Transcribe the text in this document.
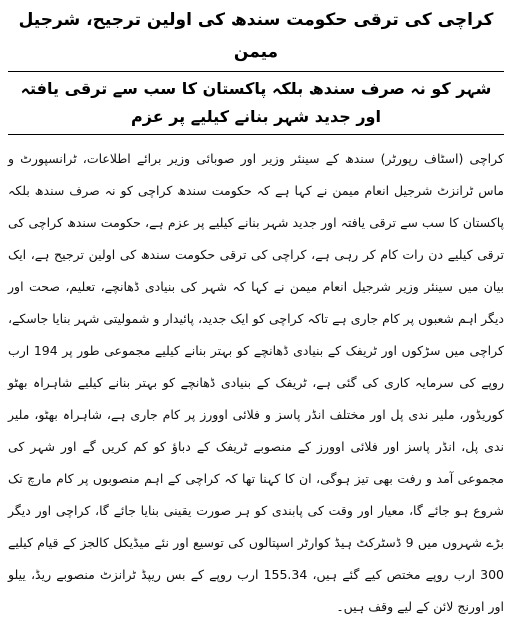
کراچی کی ترقی حکومت سندھ کی اولین ترجیح، شرجیل میمن
شہر کو نہ صرف سندھ بلکہ پاکستان کا سب سے ترقی یافتہ اور جدید شہر بنانے کیلیے پر عزم

کراچی (اسٹاف رپورٹر) سندھ کے سینئر وزیر اور صوبائی وزیر برائے اطلاعات، ٹرانسپورٹ و ماس ٹرانزٹ شرجیل انعام میمن نے کہا ہے کہ حکومت سندھ کراچی کو نہ صرف سندھ بلکہ پاکستان کا سب سے ترقی یافتہ اور جدید شہر بنانے کیلیے پر عزم ہے، حکومت سندھ کراچی کی ترقی کیلیے دن رات کام کر رہی ہے، کراچی کی ترقی حکومت سندھ کی اولین ترجیح ہے، ایک بیان میں سینئر وزیر شرجیل انعام میمن نے کہا کہ شہر کی بنیادی ڈھانچے، تعلیم، صحت اور دیگر اہم شعبوں پر کام جاری ہے تاکہ کراچی کو ایک جدید، پائیدار و شمولیتی شہر بنایا جاسکے، کراچی میں سڑکوں اور ٹریفک کے بنیادی ڈھانچے کو بہتر بنانے کیلیے مجموعی طور پر 194 ارب روپے کی سرمایہ کاری کی گئی ہے، ٹریفک کے بنیادی ڈھانچے کو بہتر بنانے کیلیے شاہراہ بھٹو کوریڈور، ملیر ندی پل اور مختلف انڈر پاسز و فلائی اوورز پر کام جاری ہے، شاہراہ بھٹو، ملیر ندی پل، انڈر پاسز اور فلائی اوورز کے منصوبے ٹریفک کے دباؤ کو کم کریں گے اور شہر کی مجموعی آمد و رفت بھی تیز ہوگی، ان کا کہنا تھا کہ کراچی کے اہم منصوبوں پر کام مارچ تک شروع ہو جائے گا، معیار اور وقت کی پابندی کو ہر صورت یقینی بنایا جائے گا، کراچی اور دیگر بڑے شہروں میں 9 ڈسٹرکٹ ہیڈ کوارٹر اسپتالوں کی توسیع اور نئے میڈیکل کالجز کے قیام کیلیے 300 ارب روپے مختص کیے گئے ہیں، 155.34 ارب روپے کے بس ریپڈ ٹرانزٹ منصوبے ریڈ، ییلو اور اورنج لائن کے لیے وقف ہیں۔
